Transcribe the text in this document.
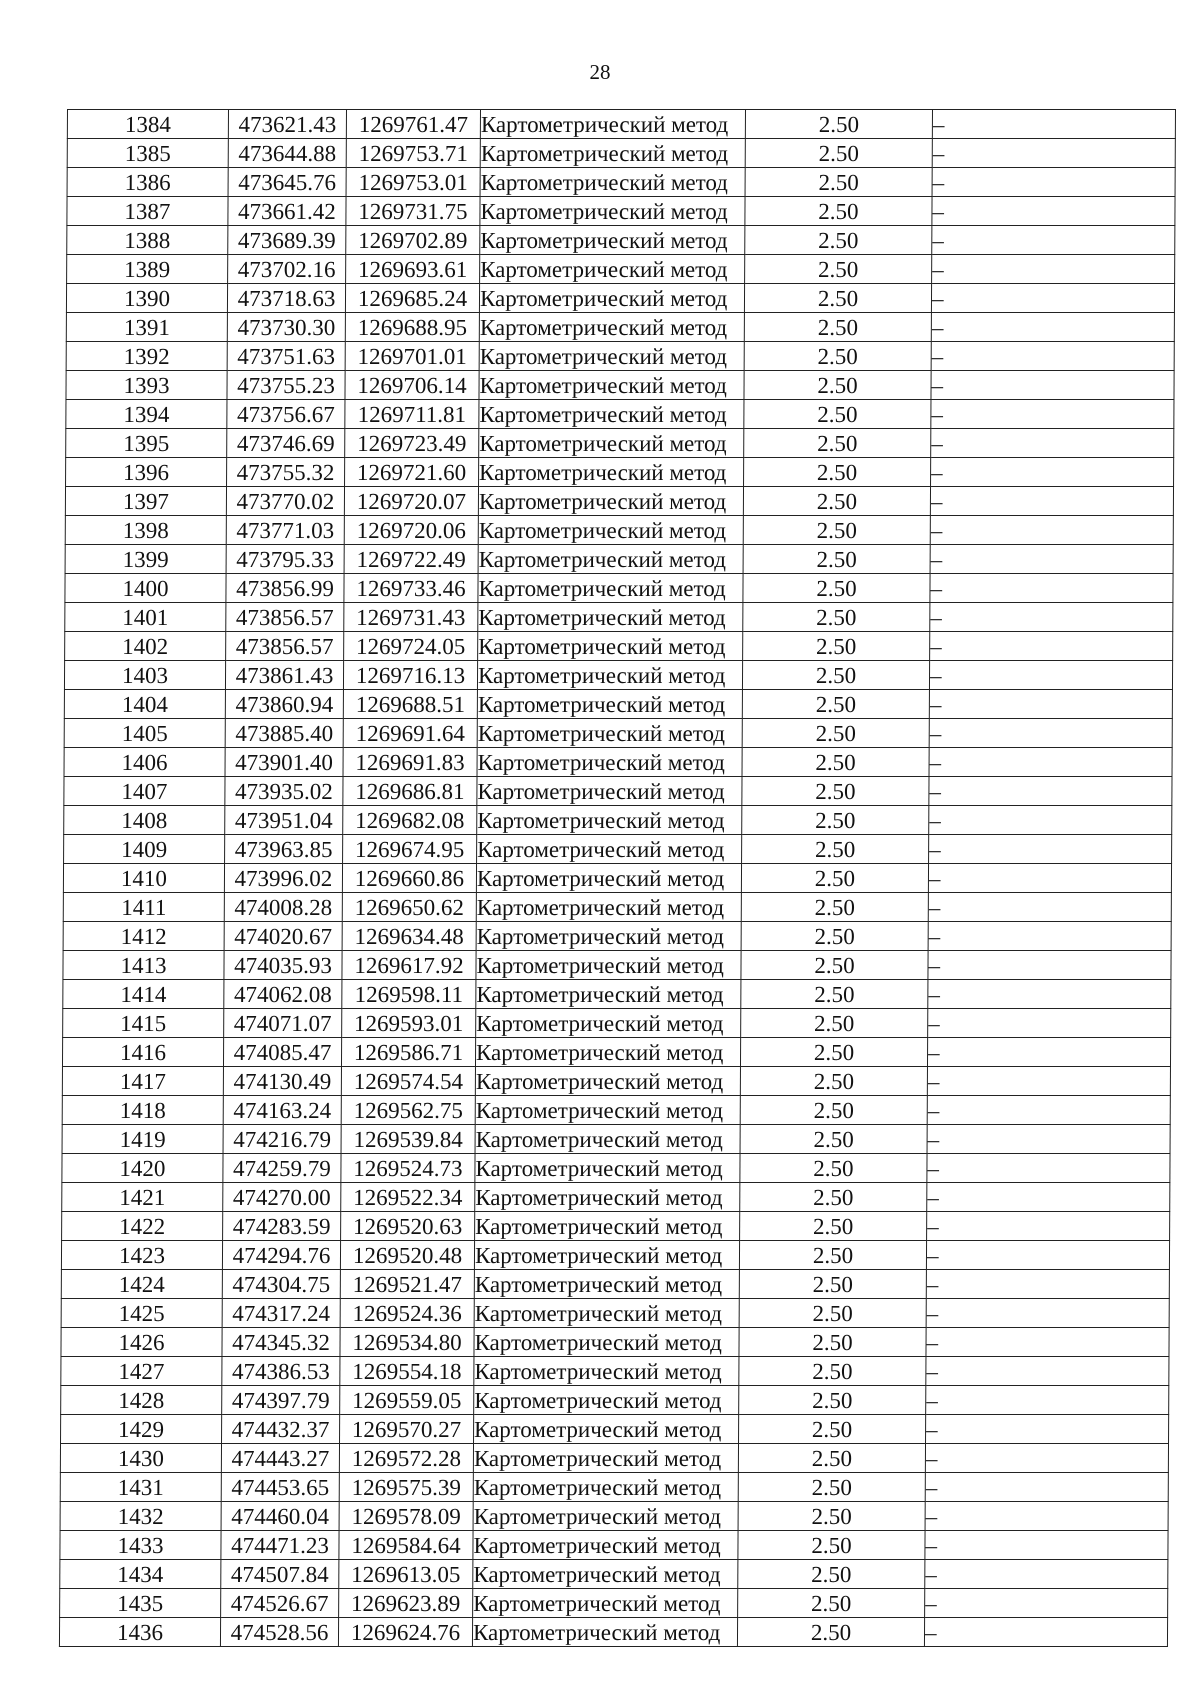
28
1384	473621.43	1269761.47	Картометрический метод	2.50	–
1385	473644.88	1269753.71	Картометрический метод	2.50	–
1386	473645.76	1269753.01	Картометрический метод	2.50	–
1387	473661.42	1269731.75	Картометрический метод	2.50	–
1388	473689.39	1269702.89	Картометрический метод	2.50	–
1389	473702.16	1269693.61	Картометрический метод	2.50	–
1390	473718.63	1269685.24	Картометрический метод	2.50	–
1391	473730.30	1269688.95	Картометрический метод	2.50	–
1392	473751.63	1269701.01	Картометрический метод	2.50	–
1393	473755.23	1269706.14	Картометрический метод	2.50	–
1394	473756.67	1269711.81	Картометрический метод	2.50	–
1395	473746.69	1269723.49	Картометрический метод	2.50	–
1396	473755.32	1269721.60	Картометрический метод	2.50	–
1397	473770.02	1269720.07	Картометрический метод	2.50	–
1398	473771.03	1269720.06	Картометрический метод	2.50	–
1399	473795.33	1269722.49	Картометрический метод	2.50	–
1400	473856.99	1269733.46	Картометрический метод	2.50	–
1401	473856.57	1269731.43	Картометрический метод	2.50	–
1402	473856.57	1269724.05	Картометрический метод	2.50	–
1403	473861.43	1269716.13	Картометрический метод	2.50	–
1404	473860.94	1269688.51	Картометрический метод	2.50	–
1405	473885.40	1269691.64	Картометрический метод	2.50	–
1406	473901.40	1269691.83	Картометрический метод	2.50	–
1407	473935.02	1269686.81	Картометрический метод	2.50	–
1408	473951.04	1269682.08	Картометрический метод	2.50	–
1409	473963.85	1269674.95	Картометрический метод	2.50	–
1410	473996.02	1269660.86	Картометрический метод	2.50	–
1411	474008.28	1269650.62	Картометрический метод	2.50	–
1412	474020.67	1269634.48	Картометрический метод	2.50	–
1413	474035.93	1269617.92	Картометрический метод	2.50	–
1414	474062.08	1269598.11	Картометрический метод	2.50	–
1415	474071.07	1269593.01	Картометрический метод	2.50	–
1416	474085.47	1269586.71	Картометрический метод	2.50	–
1417	474130.49	1269574.54	Картометрический метод	2.50	–
1418	474163.24	1269562.75	Картометрический метод	2.50	–
1419	474216.79	1269539.84	Картометрический метод	2.50	–
1420	474259.79	1269524.73	Картометрический метод	2.50	–
1421	474270.00	1269522.34	Картометрический метод	2.50	–
1422	474283.59	1269520.63	Картометрический метод	2.50	–
1423	474294.76	1269520.48	Картометрический метод	2.50	–
1424	474304.75	1269521.47	Картометрический метод	2.50	–
1425	474317.24	1269524.36	Картометрический метод	2.50	–
1426	474345.32	1269534.80	Картометрический метод	2.50	–
1427	474386.53	1269554.18	Картометрический метод	2.50	–
1428	474397.79	1269559.05	Картометрический метод	2.50	–
1429	474432.37	1269570.27	Картометрический метод	2.50	–
1430	474443.27	1269572.28	Картометрический метод	2.50	–
1431	474453.65	1269575.39	Картометрический метод	2.50	–
1432	474460.04	1269578.09	Картометрический метод	2.50	–
1433	474471.23	1269584.64	Картометрический метод	2.50	–
1434	474507.84	1269613.05	Картометрический метод	2.50	–
1435	474526.67	1269623.89	Картометрический метод	2.50	–
1436	474528.56	1269624.76	Картометрический метод	2.50	–
